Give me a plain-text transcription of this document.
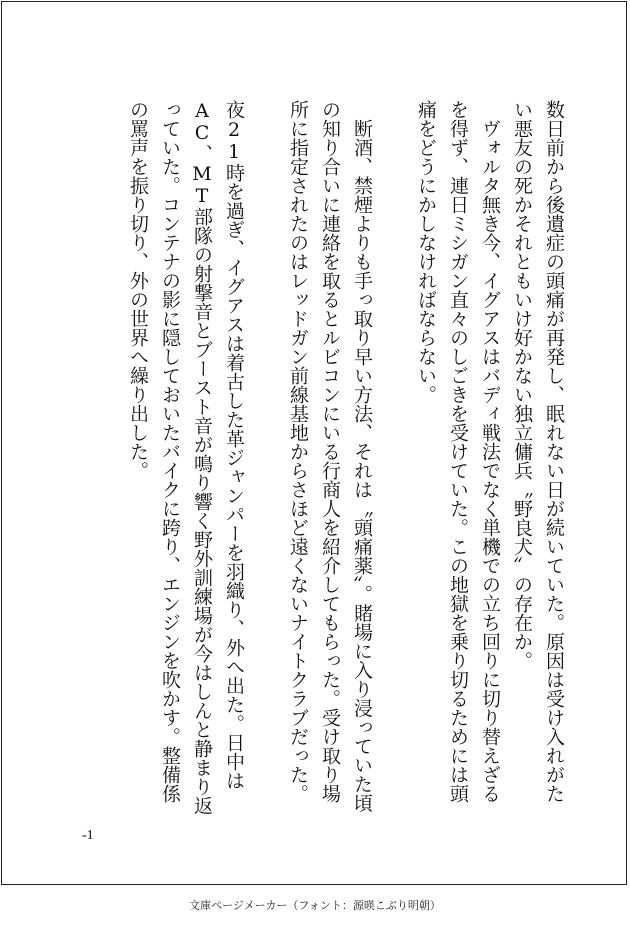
数日前から後遺症の頭痛が再発し、眠れない日が続いていた。原因は受け入れがたい悪友の死かそれともいけ好かない独立傭兵〝野良犬〟の存在か。

ヴォルタ無き今、イグアスはバディ戦法でなく単機での立ち回りに切り替えざるを得ず、連日ミシガン直々のしごきを受けていた。この地獄を乗り切るためには頭痛をどうにかしなければならない。

断酒、禁煙よりも手っ取り早い方法、それは〝頭痛薬〟。賭場に入り浸っていた頃の知り合いに連絡を取るとルビコンにいる行商人を紹介してもらった。受け取り場所に指定されたのはレッドガン前線基地からさほど遠くないナイトクラブだった。

夜21時を過ぎ、イグアスは着古した革ジャンパーを羽織り、外へ出た。日中はAC、MT部隊の射撃音とブースト音が鳴り響く野外訓練場が今はしんと静まり返っていた。コンテナの影に隠しておいたバイクに跨り、エンジンを吹かす。整備係の罵声を振り切り、外の世界へ繰り出した。

-1
文庫ページメーカー（フォント：源暎こぶり明朝）
